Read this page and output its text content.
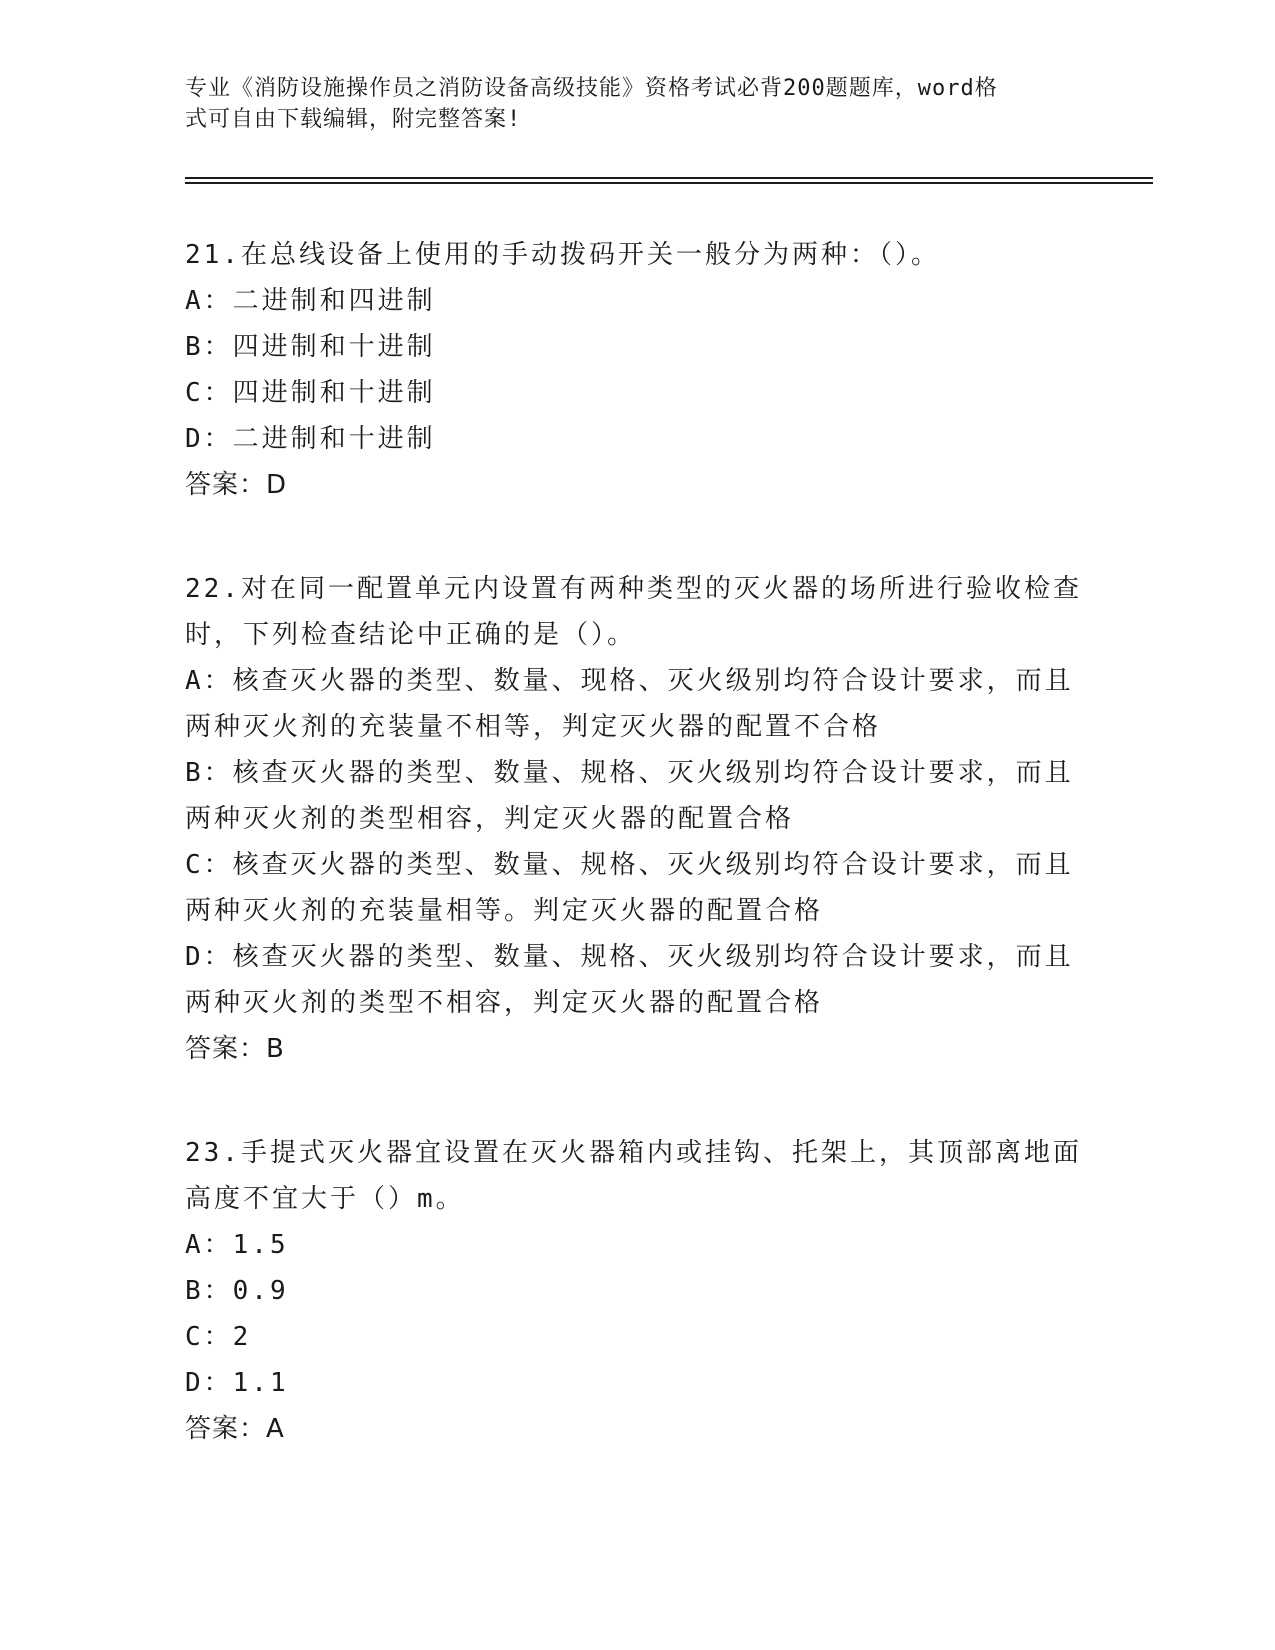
专业《消防设施操作员之消防设备高级技能》资格考试必背200题题库，word格
式可自由下载编辑，附完整答案!
21.在总线设备上使用的手动拨码开关一般分为两种：（）。
A：二进制和四进制
B：四进制和十进制
C：四进制和十进制
D：二进制和十进制
答案：D
22.对在同一配置单元内设置有两种类型的灭火器的场所进行验收检查
时，下列检查结论中正确的是（）。
A：核查灭火器的类型、数量、现格、灭火级别均符合设计要求，而且
两种灭火剂的充装量不相等，判定灭火器的配置不合格
B：核查灭火器的类型、数量、规格、灭火级别均符合设计要求，而且
两种灭火剂的类型相容，判定灭火器的配置合格
C：核查灭火器的类型、数量、规格、灭火级别均符合设计要求，而且
两种灭火剂的充装量相等。判定灭火器的配置合格
D：核查灭火器的类型、数量、规格、灭火级别均符合设计要求，而且
两种灭火剂的类型不相容，判定灭火器的配置合格
答案：B
23.手提式灭火器宜设置在灭火器箱内或挂钩、托架上，其顶部离地面
高度不宜大于（）m。
A：1.5
B：0.9
C：2
D：1.1
答案：A
